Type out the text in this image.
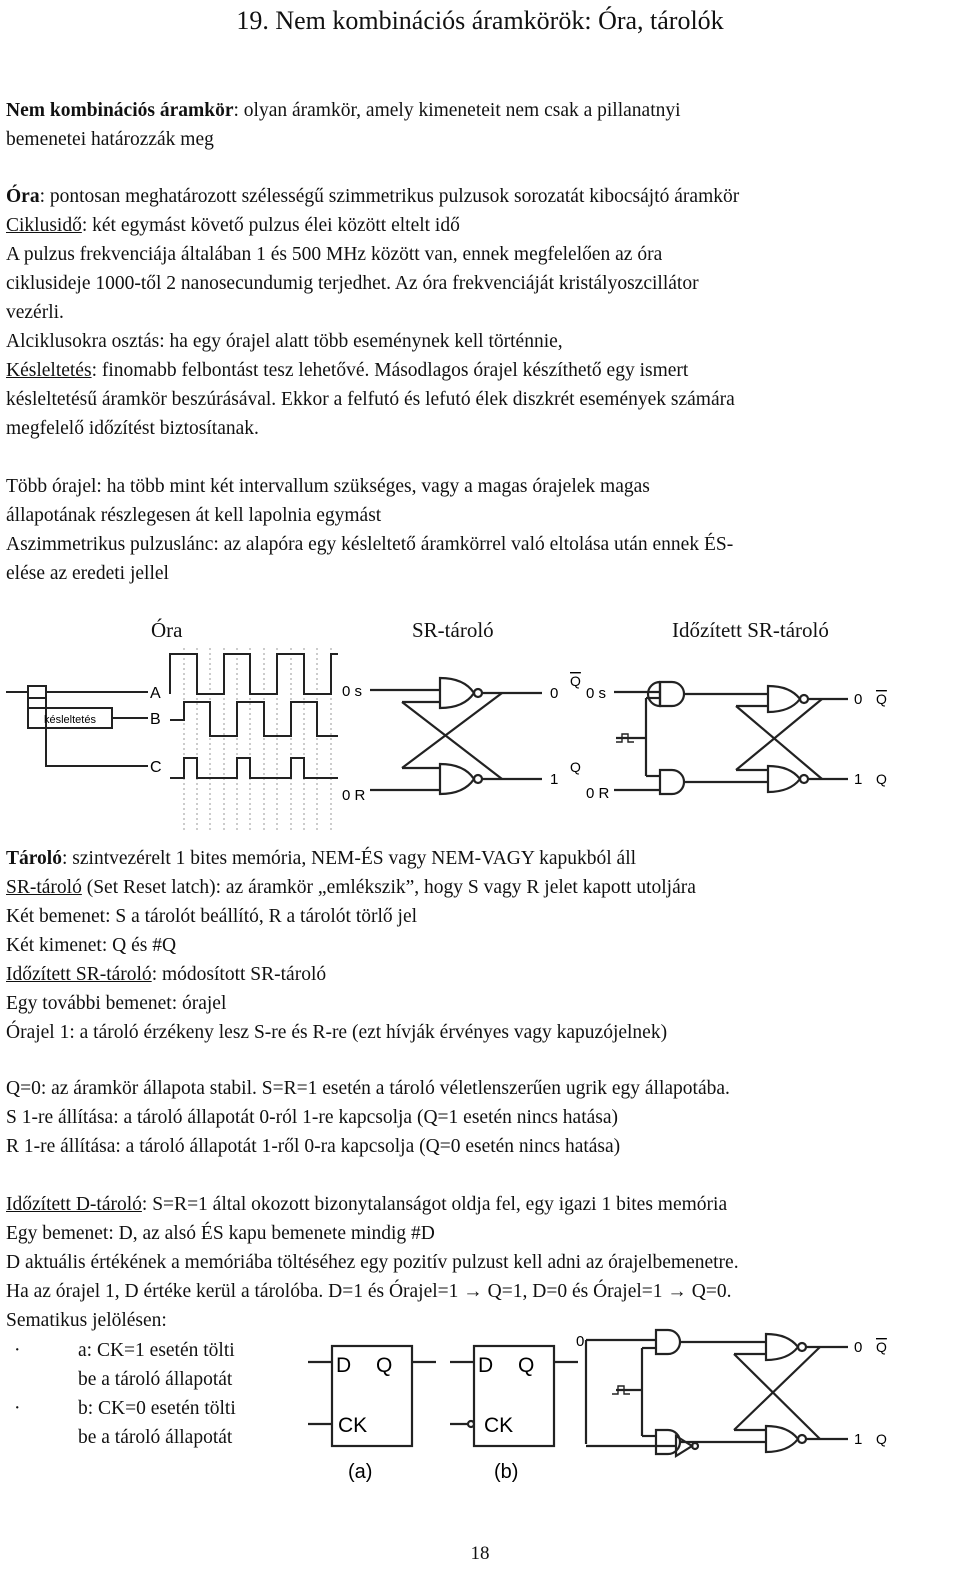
19. Nem kombinációs áramkörök: Óra, tárolók
Nem kombinációs áramkör: olyan áramkör, amely kimeneteit nem csak a pillanatnyi
bemenetei határozzák meg
Óra: pontosan meghatározott szélességű szimmetrikus pulzusok sorozatát kibocsájtó áramkör
Ciklusidő: két egymást követő pulzus élei között eltelt idő
A pulzus frekvenciája általában 1 és 500 MHz között van, ennek megfelelően az óra
ciklusideje 1000-től 2 nanosecundumig terjedhet. Az óra frekvenciáját kristályoszcillátor
vezérli.
Alciklusokra osztás: ha egy órajel alatt több eseménynek kell történnie,
Késleltetés: finomabb felbontást tesz lehetővé. Másodlagos órajel készíthető egy ismert
késleltetésű áramkör beszúrásával. Ekkor a felfutó és lefutó élek diszkrét események számára
megfelelő időzítést biztosítanak.
Több órajel: ha több mint két intervallum szükséges, vagy a magas órajelek magas
állapotának részlegesen át kell lapolnia egymást
Aszimmetrikus pulzuslánc: az alapóra egy késleltető áramkörrel való eltolása után ennek ÉS-
elése az eredeti jellel
Óra	SR-tároló	Időzített SR-tároló
késleltetés
A
B
C
0 s
0 R
0
1
Q
Q
0 s
0 R
0
1
Q
Q
Tároló: szintvezérelt 1 bites memória, NEM-ÉS vagy NEM-VAGY kapukból áll
SR-tároló (Set Reset latch): az áramkör „emlékszik”, hogy S vagy R jelet kapott utoljára
Két bemenet: S a tárolót beállító, R a tárolót törlő jel
Két kimenet: Q és #Q
Időzített SR-tároló: módosított SR-tároló
Egy további bemenet: órajel
Órajel 1: a tároló érzékeny lesz S-re és R-re (ezt hívják érvényes vagy kapuzójelnek)
Q=0: az áramkör állapota stabil. S=R=1 esetén a tároló véletlenszerűen ugrik egy állapotába.
S 1-re állítása: a tároló állapotát 0-ról 1-re kapcsolja (Q=1 esetén nincs hatása)
R 1-re állítása: a tároló állapotát 1-ről 0-ra kapcsolja (Q=0 esetén nincs hatása)
Időzített D-tároló: S=R=1 által okozott bizonytalanságot oldja fel, egy igazi 1 bites memória
Egy bemenet: D, az alsó ÉS kapu bemenete mindig #D
D aktuális értékének a memóriába töltéséhez egy pozitív pulzust kell adni az órajelbemenetre.
Ha az órajel 1, D értéke kerül a tárolóba. D=1 és Órajel=1 → Q=1, D=0 és Órajel=1 → Q=0.
Sematikus jelölésen:
·	a: CK=1 esetén tölti
be a tároló állapotát
·	b: CK=0 esetén tölti
be a tároló állapotát
D Q
CK
(a)
D Q
CK
(b)
0	0
1
Q
Q
18
